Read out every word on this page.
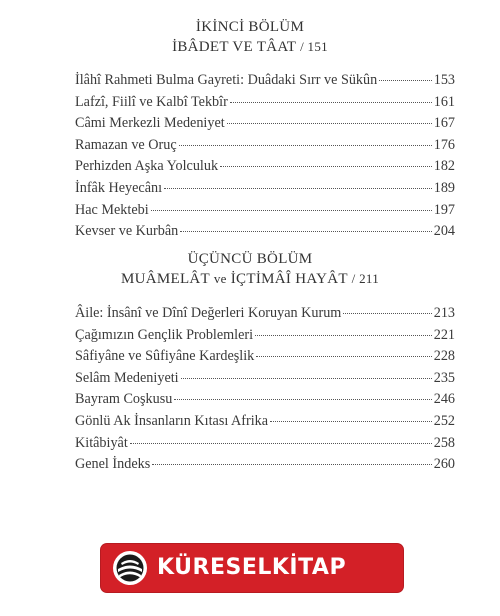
İKİNCİ BÖLÜM
İBÂDET VE TÂAT / 151
İlâhî Rahmeti Bulma Gayreti: Duâdaki Sırr ve Sükûn	153
Lafzî, Fiilî ve Kalbî Tekbîr	161
Câmi Merkezli Medeniyet	167
Ramazan ve Oruç	176
Perhizden Aşka Yolculuk	182
İnfâk Heyecânı	189
Hac Mektebi	197
Kevser ve Kurbân	204
ÜÇÜNCÜ BÖLÜM
MUÂMELÂT ve İÇTİMÂÎ HAYÂT / 211
Âile: İnsânî ve Dînî Değerleri Koruyan Kurum	213
Çağımızın Gençlik Problemleri	221
Sâfiyâne ve Sûfiyâne Kardeşlik	228
Selâm Medeniyeti	235
Bayram Coşkusu	246
Gönlü Ak İnsanların Kıtası Afrika	252
Kitâbiyât	258
Genel İndeks	260
KÜRESELKİTAP
